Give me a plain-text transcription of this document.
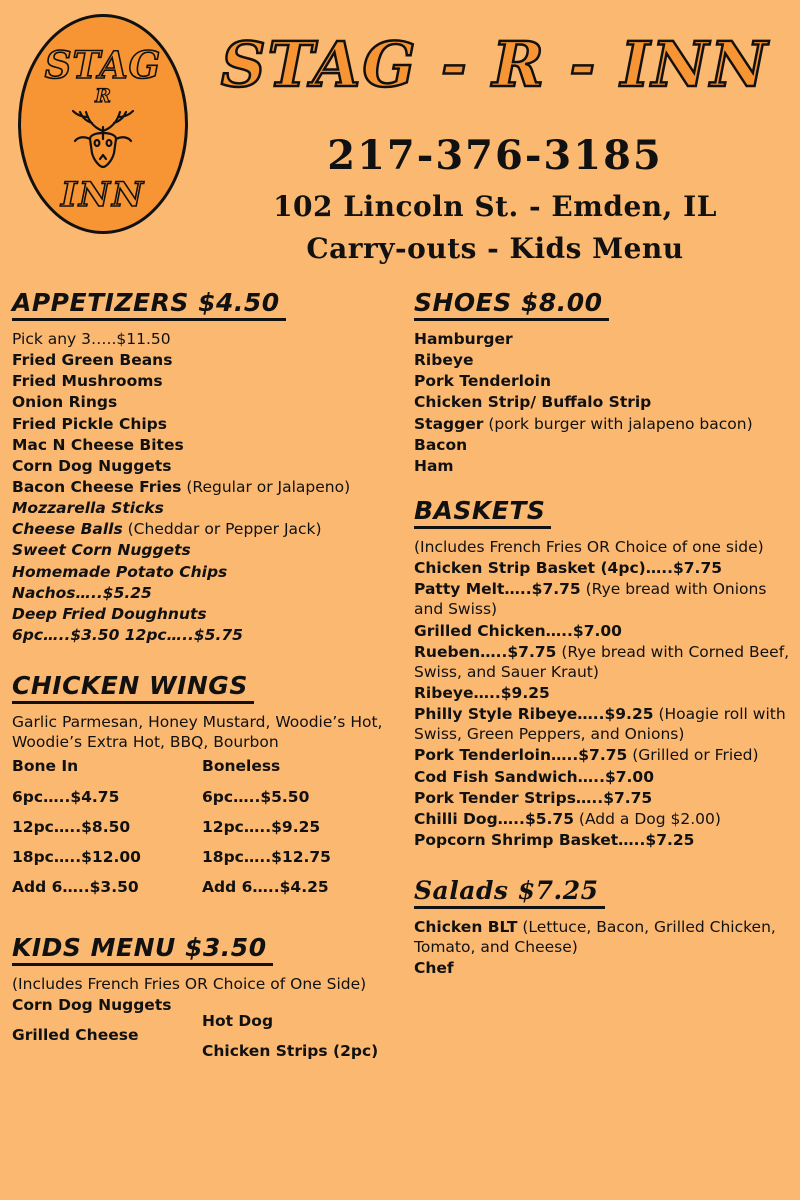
STAG
R
INN
STAG - R - INN
217-376-3185
102 Lincoln St. - Emden, IL
Carry-outs - Kids Menu
APPETIZERS $4.50
Pick any 3…..$11.50
Fried Green Beans
Fried Mushrooms
Onion Rings
Fried Pickle Chips
Mac N Cheese Bites
Corn Dog Nuggets
Bacon Cheese Fries (Regular or Jalapeno)
Mozzarella Sticks
Cheese Balls (Cheddar or Pepper Jack)
Sweet Corn Nuggets
Homemade Potato Chips
Nachos…..$5.25
Deep Fried Doughnuts
6pc…..$3.50 12pc…..$5.75
CHICKEN WINGS
Garlic Parmesan, Honey Mustard, Woodie’s Hot, Woodie’s Extra Hot, BBQ, Bourbon
Bone In
6pc…..$4.75
12pc…..$8.50
18pc…..$12.00
Add 6…..$3.50
Boneless
6pc…..$5.50
12pc…..$9.25
18pc…..$12.75
Add 6…..$4.25
KIDS MENU $3.50
(Includes French Fries OR Choice of One Side)
Corn Dog Nuggets
Grilled Cheese
Hot Dog
Chicken Strips (2pc)
SHOES $8.00
Hamburger
Ribeye
Pork Tenderloin
Chicken Strip/ Buffalo Strip
Stagger (pork burger with jalapeno bacon)
Bacon
Ham
BASKETS
(Includes French Fries OR Choice of one side)
Chicken Strip Basket (4pc)…..$7.75
Patty Melt…..$7.75 (Rye bread with Onions and Swiss)
Grilled Chicken…..$7.00
Rueben…..$7.75 (Rye bread with Corned Beef, Swiss, and Sauer Kraut)
Ribeye…..$9.25
Philly Style Ribeye…..$9.25 (Hoagie roll with Swiss, Green Peppers, and Onions)
Pork Tenderloin…..$7.75 (Grilled or Fried)
Cod Fish Sandwich…..$7.00
Pork Tender Strips…..$7.75
Chilli Dog…..$5.75 (Add a Dog $2.00)
Popcorn Shrimp Basket…..$7.25
Salads $7.25
Chicken BLT (Lettuce, Bacon, Grilled Chicken, Tomato, and Cheese)
Chef
